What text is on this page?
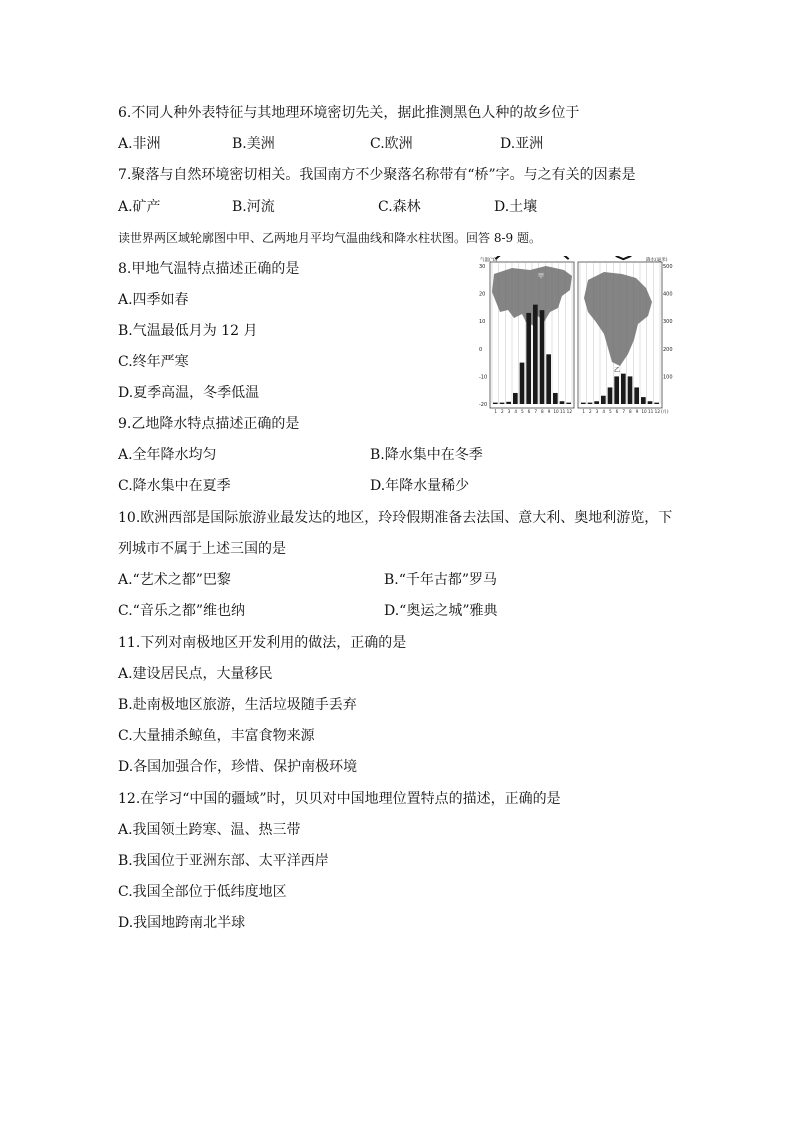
6.不同人种外表特征与其地理环境密切先关，据此推测黑色人种的故乡位于
A.非洲	B.美洲	C.欧洲	D.亚洲
7.聚落与自然环境密切相关。我国南方不少聚落名称带有“桥”字。与之有关的因素是
A.矿产	B.河流	C.森林	D.土壤
读世界两区域轮廓图中甲、乙两地月平均气温曲线和降水柱状图。回答 8-9 题。
8.甲地气温特点描述正确的是
A.四季如春
B.气温最低月为 12 月
C.终年严寒
D.夏季高温，冬季低温
30
20
10
0
-10
-20
500
400
300
200
100
1 2 3 4 5 6 7 8 9 10 11 12 1 2 3 4 5 6 7 8 9 10 11 12 (月)
气温(℃)	降水(毫米)
甲
乙
9.乙地降水特点描述正确的是
A.全年降水均匀	B.降水集中在冬季
C.降水集中在夏季	D.年降水量稀少
10.欧洲西部是国际旅游业最发达的地区，玲玲假期准备去法国、意大利、奥地利游览，下
列城市不属于上述三国的是
A.“艺术之都”巴黎	B.“千年古都”罗马
C.“音乐之都”维也纳	D.“奥运之城”雅典
11.下列对南极地区开发利用的做法，正确的是
A.建设居民点，大量移民
B.赴南极地区旅游，生活垃圾随手丢弃
C.大量捕杀鲸鱼，丰富食物来源
D.各国加强合作，珍惜、保护南极环境
12.在学习“中国的疆域”时，贝贝对中国地理位置特点的描述，正确的是
A.我国领土跨寒、温、热三带
B.我国位于亚洲东部、太平洋西岸
C.我国全部位于低纬度地区
D.我国地跨南北半球
